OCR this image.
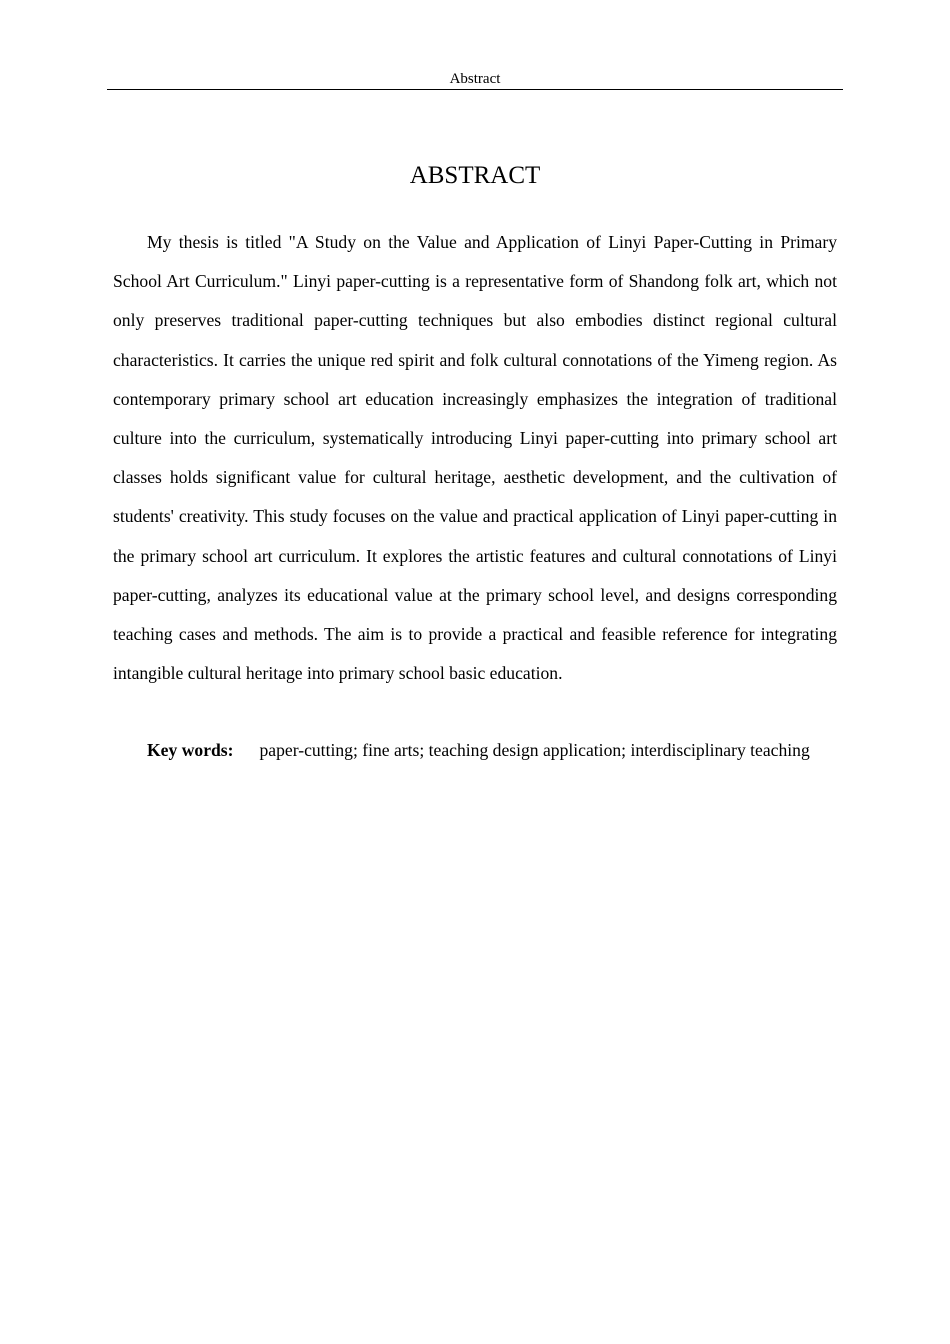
Abstract
ABSTRACT

My thesis is titled "A Study on the Value and Application of Linyi Paper-Cutting in Primary School Art Curriculum." Linyi paper-cutting is a representative form of Shandong folk art, which not only preserves traditional paper-cutting techniques but also embodies distinct regional cultural characteristics. It carries the unique red spirit and folk cultural connotations of the Yimeng region. As contemporary primary school art education increasingly emphasizes the integration of traditional culture into the curriculum, systematically introducing Linyi paper-cutting into primary school art classes holds significant value for cultural heritage, aesthetic development, and the cultivation of students' creativity. This study focuses on the value and practical application of Linyi paper-cutting in the primary school art curriculum. It explores the artistic features and cultural connotations of Linyi paper-cutting, analyzes its educational value at the primary school level, and designs corresponding teaching cases and methods. The aim is to provide a practical and feasible reference for integrating intangible cultural heritage into primary school basic education.

Key words: paper-cutting; fine arts; teaching design application; interdisciplinary teaching
